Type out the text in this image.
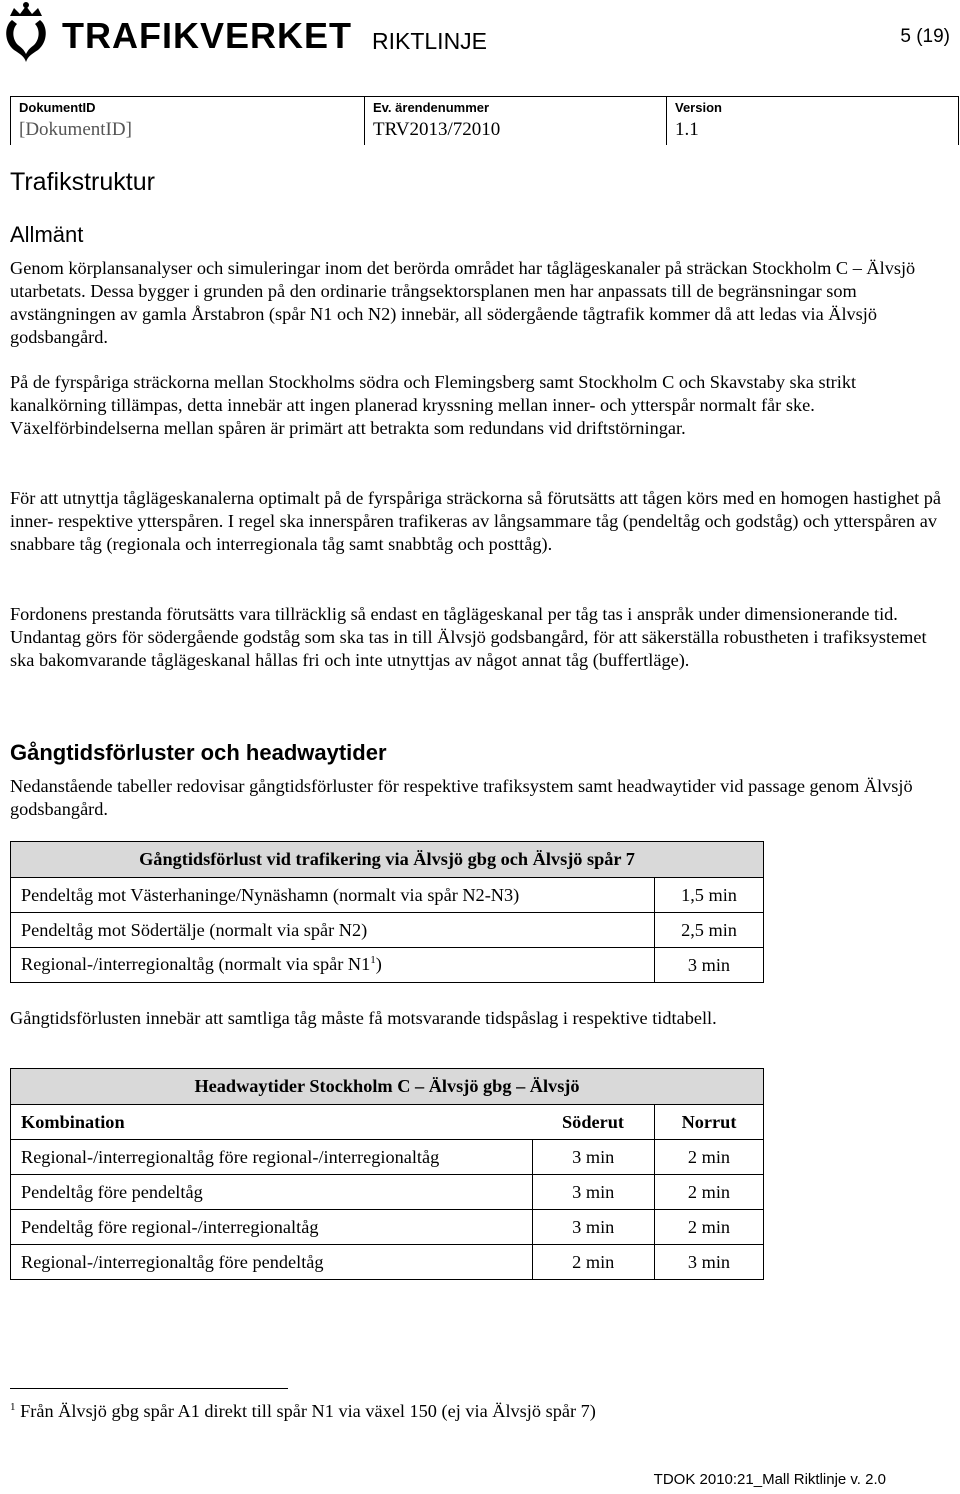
TRAFIKVERKET RIKTLINJE	5 (19)
DokumentID
[DokumentID]
Ev. ärendenummer
TRV2013/72010
Version
1.1
Trafikstruktur
Allmänt

Genom körplansanalyser och simuleringar inom det berörda området har tåglägeskanaler på sträckan Stockholm C – Älvsjö utarbetats. Dessa bygger i grunden på den ordinarie trångsektorsplanen men har anpassats till de begränsningar som avstängningen av gamla Årstabron (spår N1 och N2) innebär, all södergående tågtrafik kommer då att ledas via Älvsjö godsbangård.

På de fyrspåriga sträckorna mellan Stockholms södra och Flemingsberg samt Stockholm C och Skavstaby ska strikt kanalkörning tillämpas, detta innebär att ingen planerad kryssning mellan inner- och ytterspår normalt får ske. Växelförbindelserna mellan spåren är primärt att betrakta som redundans vid driftstörningar.

För att utnyttja tåglägeskanalerna optimalt på de fyrspåriga sträckorna så förutsätts att tågen körs med en homogen hastighet på inner- respektive ytterspåren. I regel ska innerspåren trafikeras av långsammare tåg (pendeltåg och godståg) och ytterspåren av snabbare tåg (regionala och interregionala tåg samt snabbtåg och posttåg).

Fordonens prestanda förutsätts vara tillräcklig så endast en tåglägeskanal per tåg tas i anspråk under dimensionerande tid. Undantag görs för södergående godståg som ska tas in till Älvsjö godsbangård, för att säkerställa robustheten i trafiksystemet ska bakomvarande tåglägeskanal hållas fri och inte utnyttjas av något annat tåg (buffertläge).

Gångtidsförluster och headwaytider

Nedanstående tabeller redovisar gångtidsförluster för respektive trafiksystem samt headwaytider vid passage genom Älvsjö godsbangård.

Gångtidsförlust vid trafikering via Älvsjö gbg och Älvsjö spår 7	
Pendeltåg mot Västerhaninge/Nynäshamn (normalt via spår N2-N3)	1,5 min
Pendeltåg mot Södertälje (normalt via spår N2)	2,5 min
Regional-/interregionaltåg (normalt via spår $N1^1$)	3 min

Gångtidsförlusten innebär att samtliga tåg måste få motsvarande tidspåslag i respektive tidtabell.

Headwaytider Stockholm C – Älvsjö gbg – Älvsjö		
Kombination	Söderut	Norrut
Regional-/interregionaltåg före regional-/interregionaltåg	3 min	2 min
Pendeltåg före pendeltåg	3 min	2 min
Pendeltåg före regional-/interregionaltåg	3 min	2 min
Regional-/interregionaltåg före pendeltåg	2 min	3 min
$^1$ Från Älvsjö gbg spår A1 direkt till spår N1 via växel 150 (ej via Älvsjö spår 7)
TDOK 2010:21_Mall Riktlinje v. 2.0
